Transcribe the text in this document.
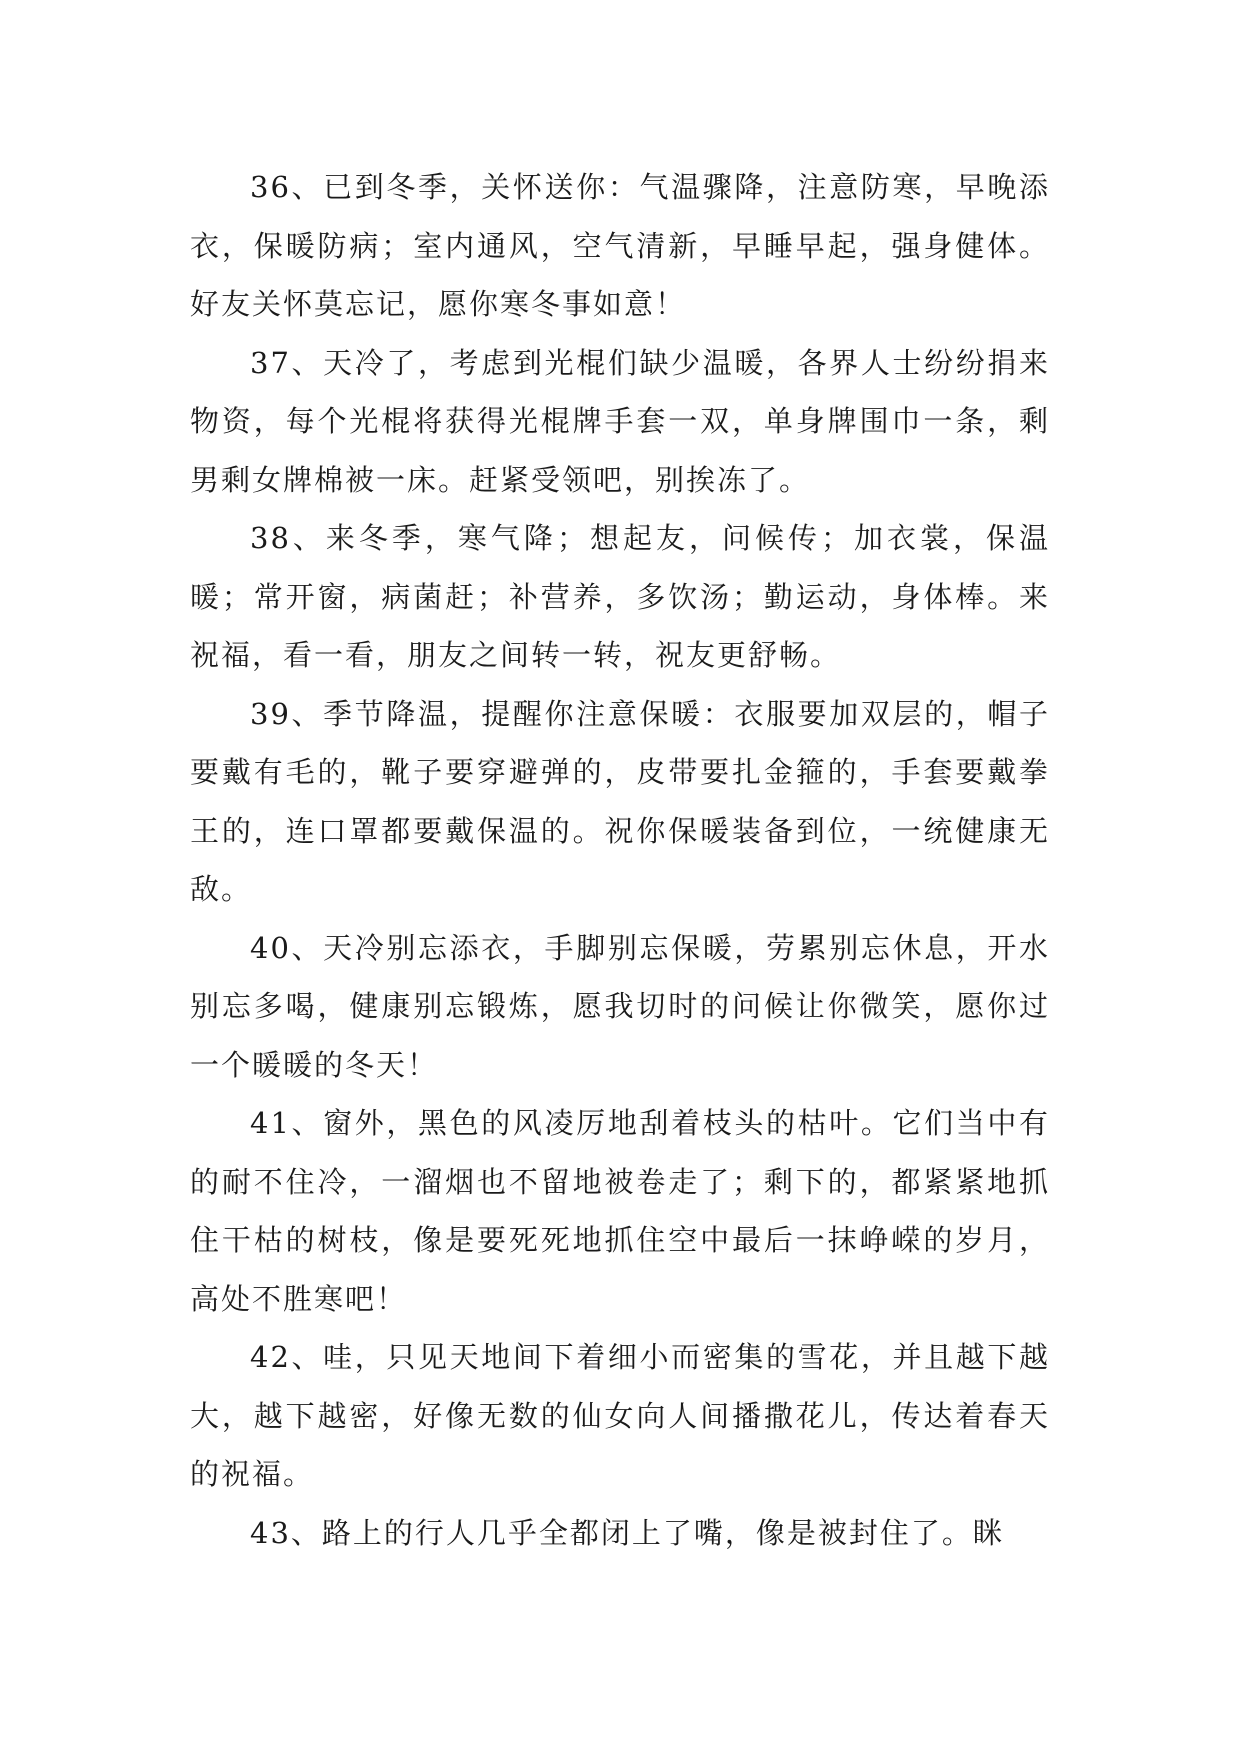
36、已到冬季，关怀送你：气温骤降，注意防寒，早晚添衣，保暖防病；室内通风，空气清新，早睡早起，强身健体。好友关怀莫忘记，愿你寒冬事如意！

37、天冷了，考虑到光棍们缺少温暖，各界人士纷纷捐来物资，每个光棍将获得光棍牌手套一双，单身牌围巾一条，剩男剩女牌棉被一床。赶紧受领吧，别挨冻了。

38、来冬季，寒气降；想起友，问候传；加衣裳，保温暖；常开窗，病菌赶；补营养，多饮汤；勤运动，身体棒。来祝福，看一看，朋友之间转一转，祝友更舒畅。

39、季节降温，提醒你注意保暖：衣服要加双层的，帽子要戴有毛的，靴子要穿避弹的，皮带要扎金箍的，手套要戴拳王的，连口罩都要戴保温的。祝你保暖装备到位，一统健康无敌。

40、天冷别忘添衣，手脚别忘保暖，劳累别忘休息，开水别忘多喝，健康别忘锻炼，愿我切时的问候让你微笑，愿你过一个暖暖的冬天！

41、窗外，黑色的风凌厉地刮着枝头的枯叶。它们当中有的耐不住冷，一溜烟也不留地被卷走了；剩下的，都紧紧地抓住干枯的树枝，像是要死死地抓住空中最后一抹峥嵘的岁月，高处不胜寒吧！

42、哇，只见天地间下着细小而密集的雪花，并且越下越大，越下越密，好像无数的仙女向人间播撒花儿，传达着春天的祝福。

43、路上的行人几乎全都闭上了嘴，像是被封住了。眯
